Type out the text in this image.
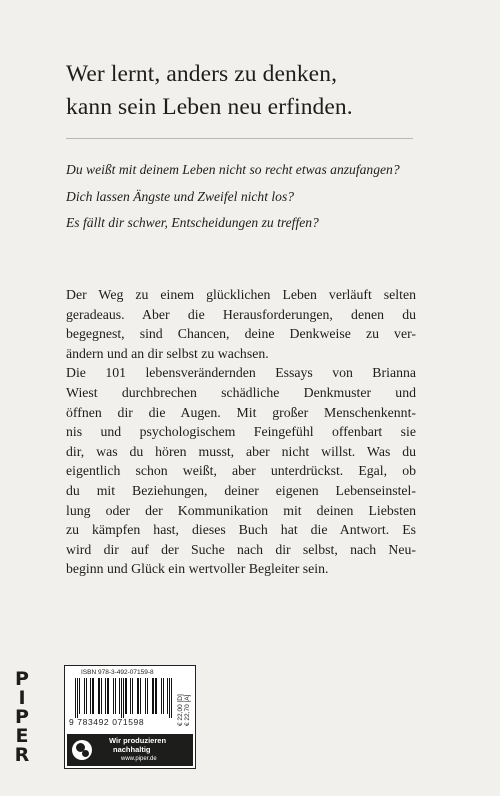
Wer lernt, anders zu denken,
kann sein Leben neu erfinden.

Du weißt mit deinem Leben nicht so recht etwas anzufangen?

Dich lassen Ängste und Zweifel nicht los?

Es fällt dir schwer, Entscheidungen zu treffen?

Der Weg zu einem glücklichen Leben verläuft selten
geradeaus. Aber die Herausforderungen, denen du
begegnest, sind Chancen, deine Denkweise zu ver-
ändern und an dir selbst zu wachsen.
Die 101 lebensverändernden Essays von Brianna
Wiest durchbrechen schädliche Denkmuster und
öffnen dir die Augen. Mit großer Menschenkennt-
nis und psychologischem Feingefühl offenbart sie
dir, was du hören musst, aber nicht willst. Was du
eigentlich schon weißt, aber unterdrückst. Egal, ob
du mit Beziehungen, deiner eigenen Lebenseinstel-
lung oder der Kommunikation mit deinen Liebsten
zu kämpfen hast, dieses Buch hat die Antwort. Es
wird dir auf der Suche nach dir selbst, nach Neu-
beginn und Glück ein wertvoller Begleiter sein.
P
I
P
E
R
ISBN 978-3-492-07159-8
9 783492 071598	€ 22,00 [D]
€ 22,70 [A]
Wir produzieren
nachhaltig
www.piper.de
